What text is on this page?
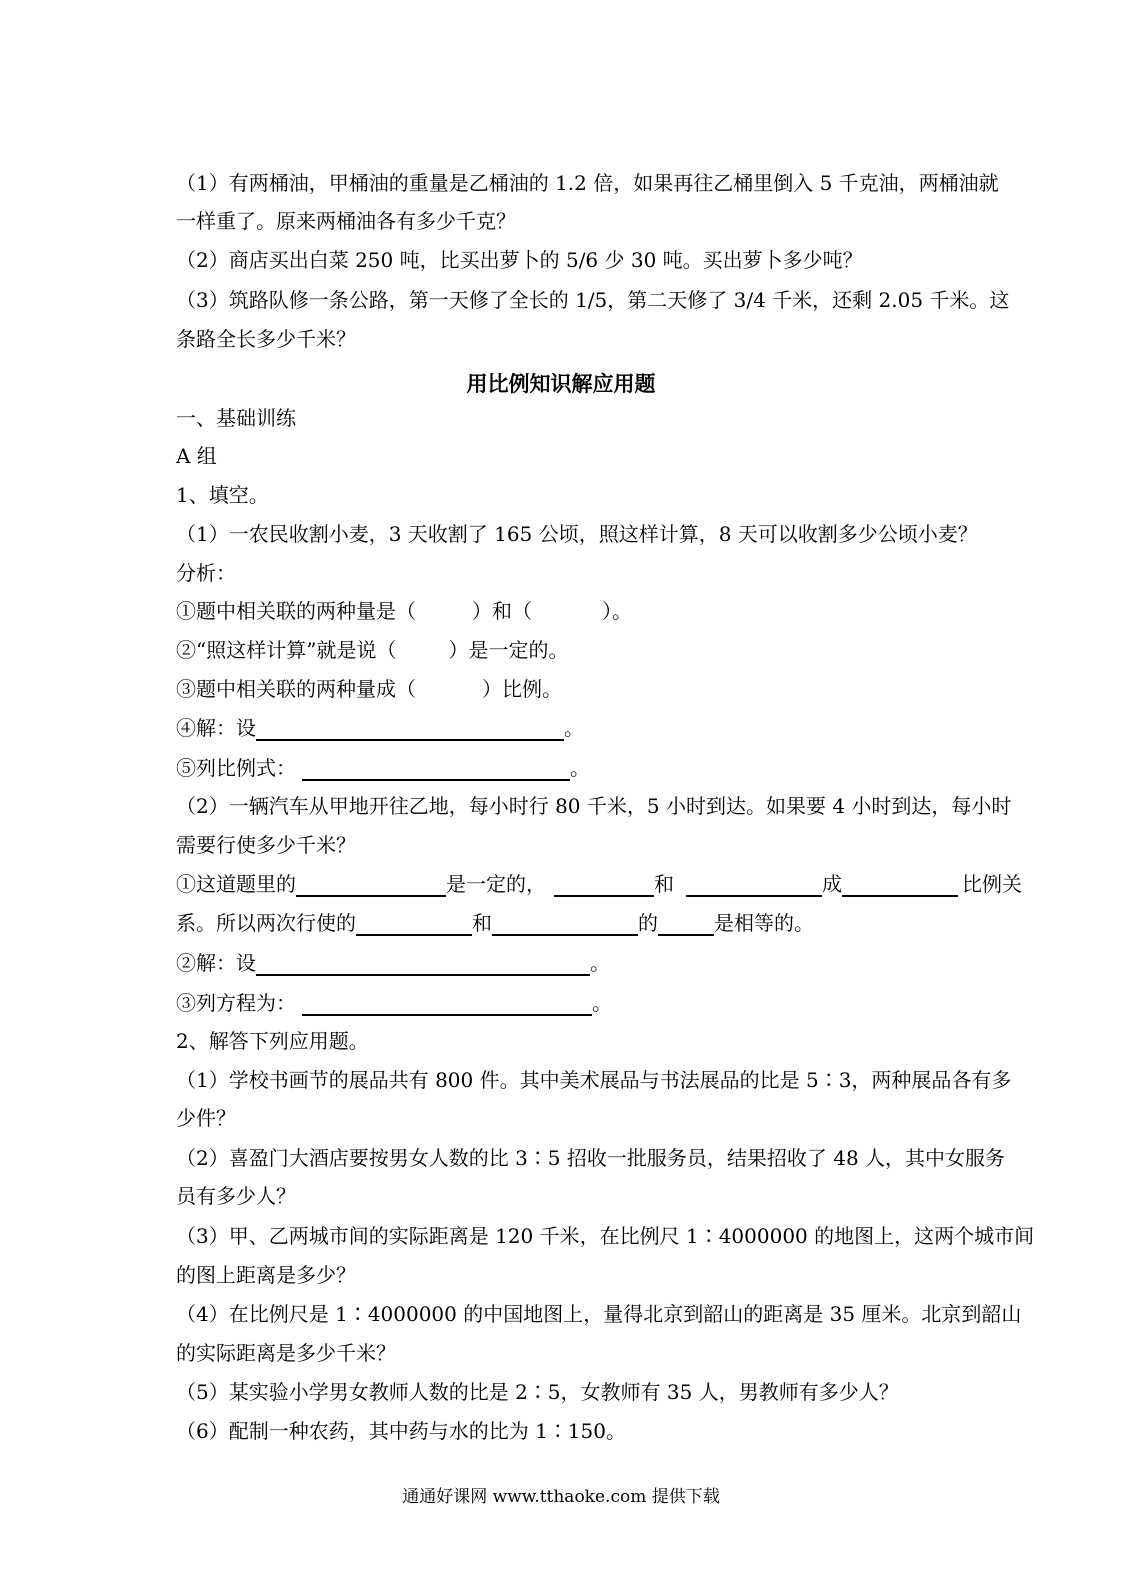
（1）有两桶油，甲桶油的重量是乙桶油的 1.2 倍，如果再往乙桶里倒入 5 千克油，两桶油就
一样重了。原来两桶油各有多少千克？
（2）商店买出白菜 250 吨，比买出萝卜的 5/6 少 30 吨。买出萝卜多少吨？
（3）筑路队修一条公路，第一天修了全长的 1/5，第二天修了 3/4 千米，还剩 2.05 千米。这
条路全长多少千米？
用比例知识解应用题
一、基础训练
A 组
1、填空。
（1）一农民收割小麦，3 天收割了 165 公顷，照这样计算，8 天可以收割多少公顷小麦？
分析：
①题中相关联的两种量是（	）和（	）。
②“照这样计算”就是说（	）是一定的。
③题中相关联的两种量成（	）比例。
④解：设	。
⑤列比例式：	。
（2）一辆汽车从甲地开往乙地，每小时行 80 千米，5 小时到达。如果要 4 小时到达，每小时
需要行使多少千米？
①这道题里的	是一定的，	和	成	比例关
系。所以两次行使的	和	的	是相等的。
②解：设	。
③列方程为：	。
2、解答下列应用题。
（1）学校书画节的展品共有 800 件。其中美术展品与书法展品的比是 5∶3，两种展品各有多
少件？
（2）喜盈门大酒店要按男女人数的比 3∶5 招收一批服务员，结果招收了 48 人，其中女服务
员有多少人？
（3）甲、乙两城市间的实际距离是 120 千米，在比例尺 1∶4000000 的地图上，这两个城市间
的图上距离是多少？
（4）在比例尺是 1∶4000000 的中国地图上，量得北京到韶山的距离是 35 厘米。北京到韶山
的实际距离是多少千米？
（5）某实验小学男女教师人数的比是 2∶5，女教师有 35 人，男教师有多少人？
（6）配制一种农药，其中药与水的比为 1∶150。
通通好课网 www.tthaoke.com 提供下载
